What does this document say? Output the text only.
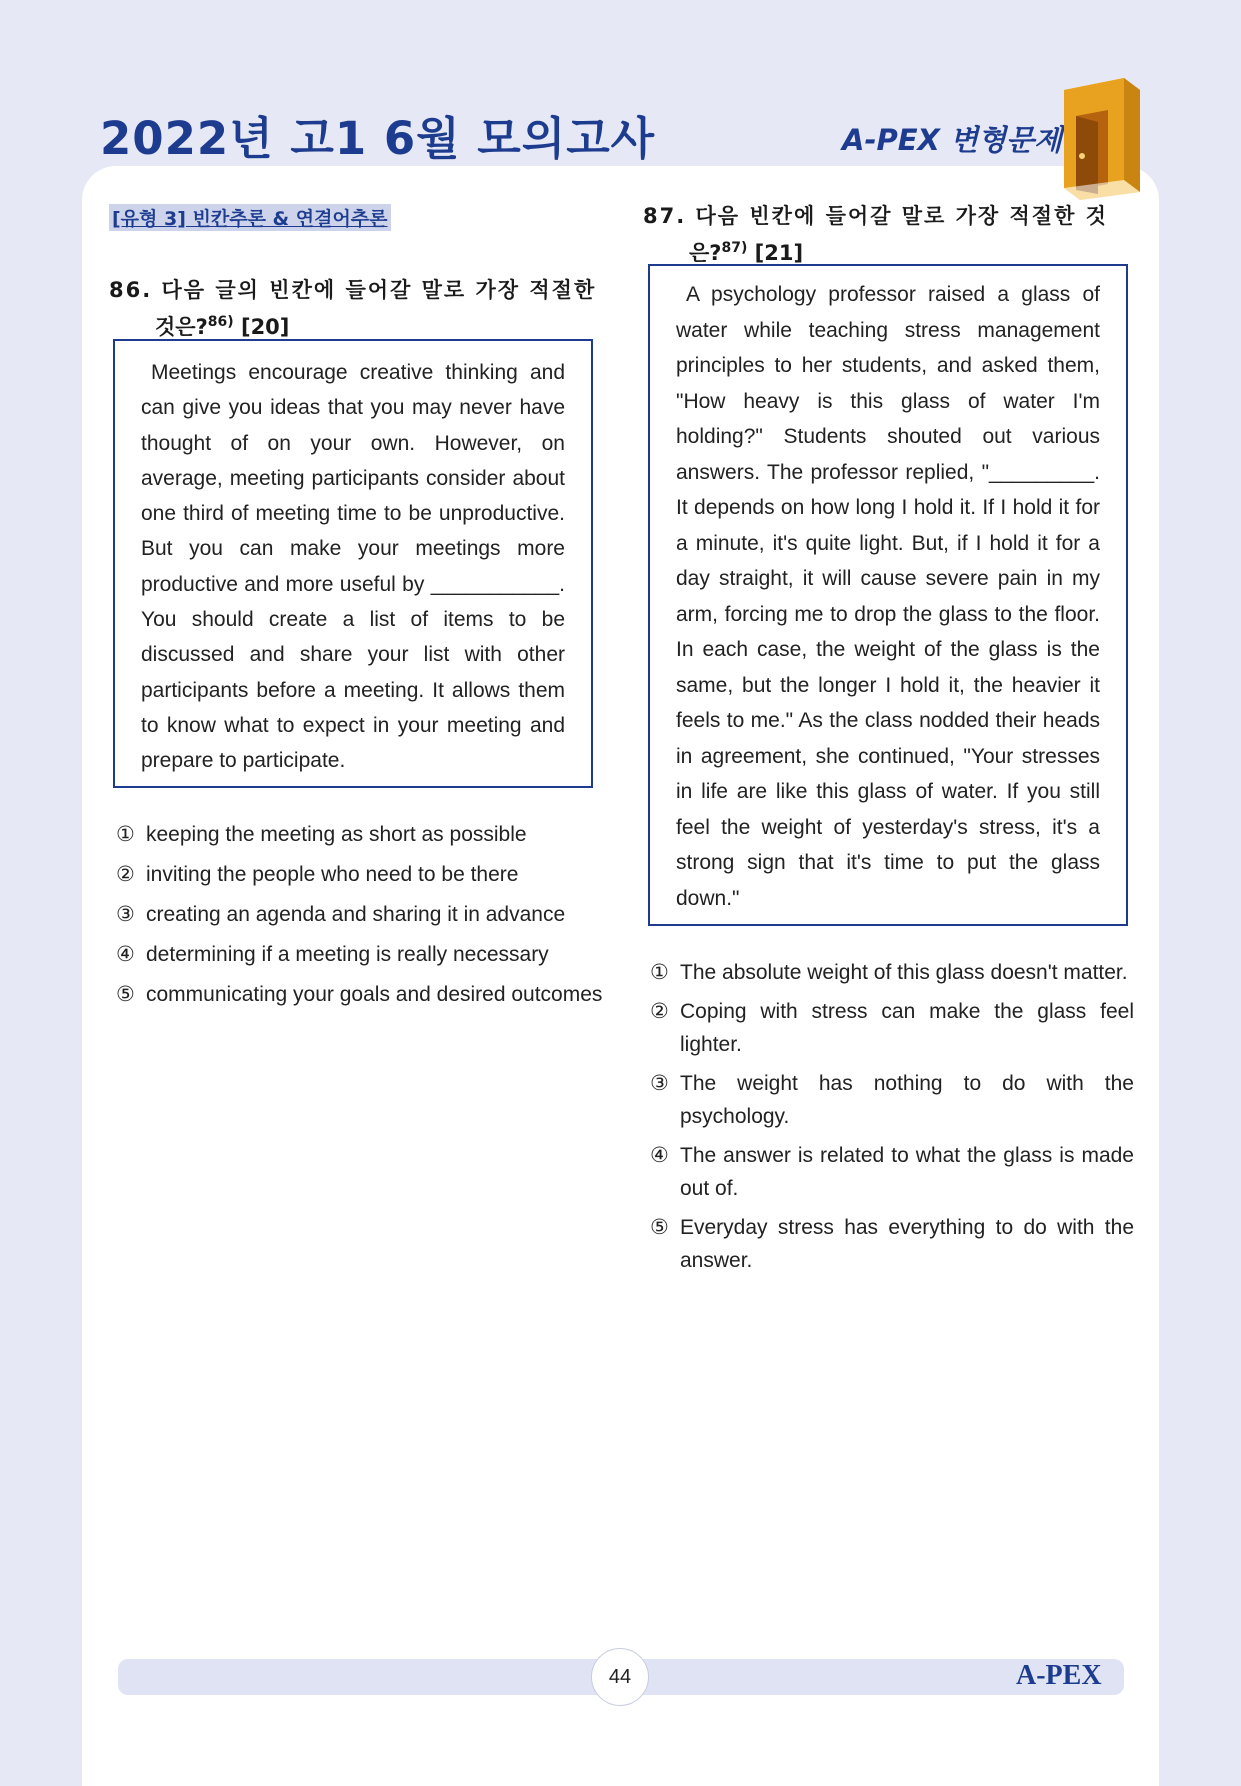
2022년 고1 6월 모의고사	A-PEX 변형문제
[유형 3] 빈칸추론 & 연결어추론
86. 다음 글의 빈칸에 들어갈 말로 가장 적절한
것은?$^{86)}$ [20]

Meetings encourage creative thinking and can give you ideas that you may never have thought of on your own. However, on average, meeting participants consider about one third of meeting time to be unproductive. But you can make your meetings more productive and more useful by ___________. You should create a list of items to be discussed and share your list with other participants before a meeting. It allows them to know what to expect in your meeting and prepare to participate.

① keeping the meeting as short as possible
② inviting the people who need to be there
③ creating an agenda and sharing it in advance
④ determining if a meeting is really necessary
⑤ communicating your goals and desired outcomes
87. 다음 빈칸에 들어갈 말로 가장 적절한 것
은?$^{87)}$ [21]

A psychology professor raised a glass of water while teaching stress management principles to her students, and asked them, "How heavy is this glass of water I'm holding?" Students shouted out various answers. The professor replied, "_________. It depends on how long I hold it. If I hold it for a minute, it's quite light. But, if I hold it for a day straight, it will cause severe pain in my arm, forcing me to drop the glass to the floor. In each case, the weight of the glass is the same, but the longer I hold it, the heavier it feels to me." As the class nodded their heads in agreement, she continued, "Your stresses in life are like this glass of water. If you still feel the weight of yesterday's stress, it's a strong sign that it's time to put the glass down."

① The absolute weight of this glass doesn't matter.
② Coping with stress can make the glass feel lighter.
③ The weight has nothing to do with the psychology.
④ The answer is related to what the glass is made out of.
⑤ Everyday stress has everything to do with the answer.
44	A-PEX
